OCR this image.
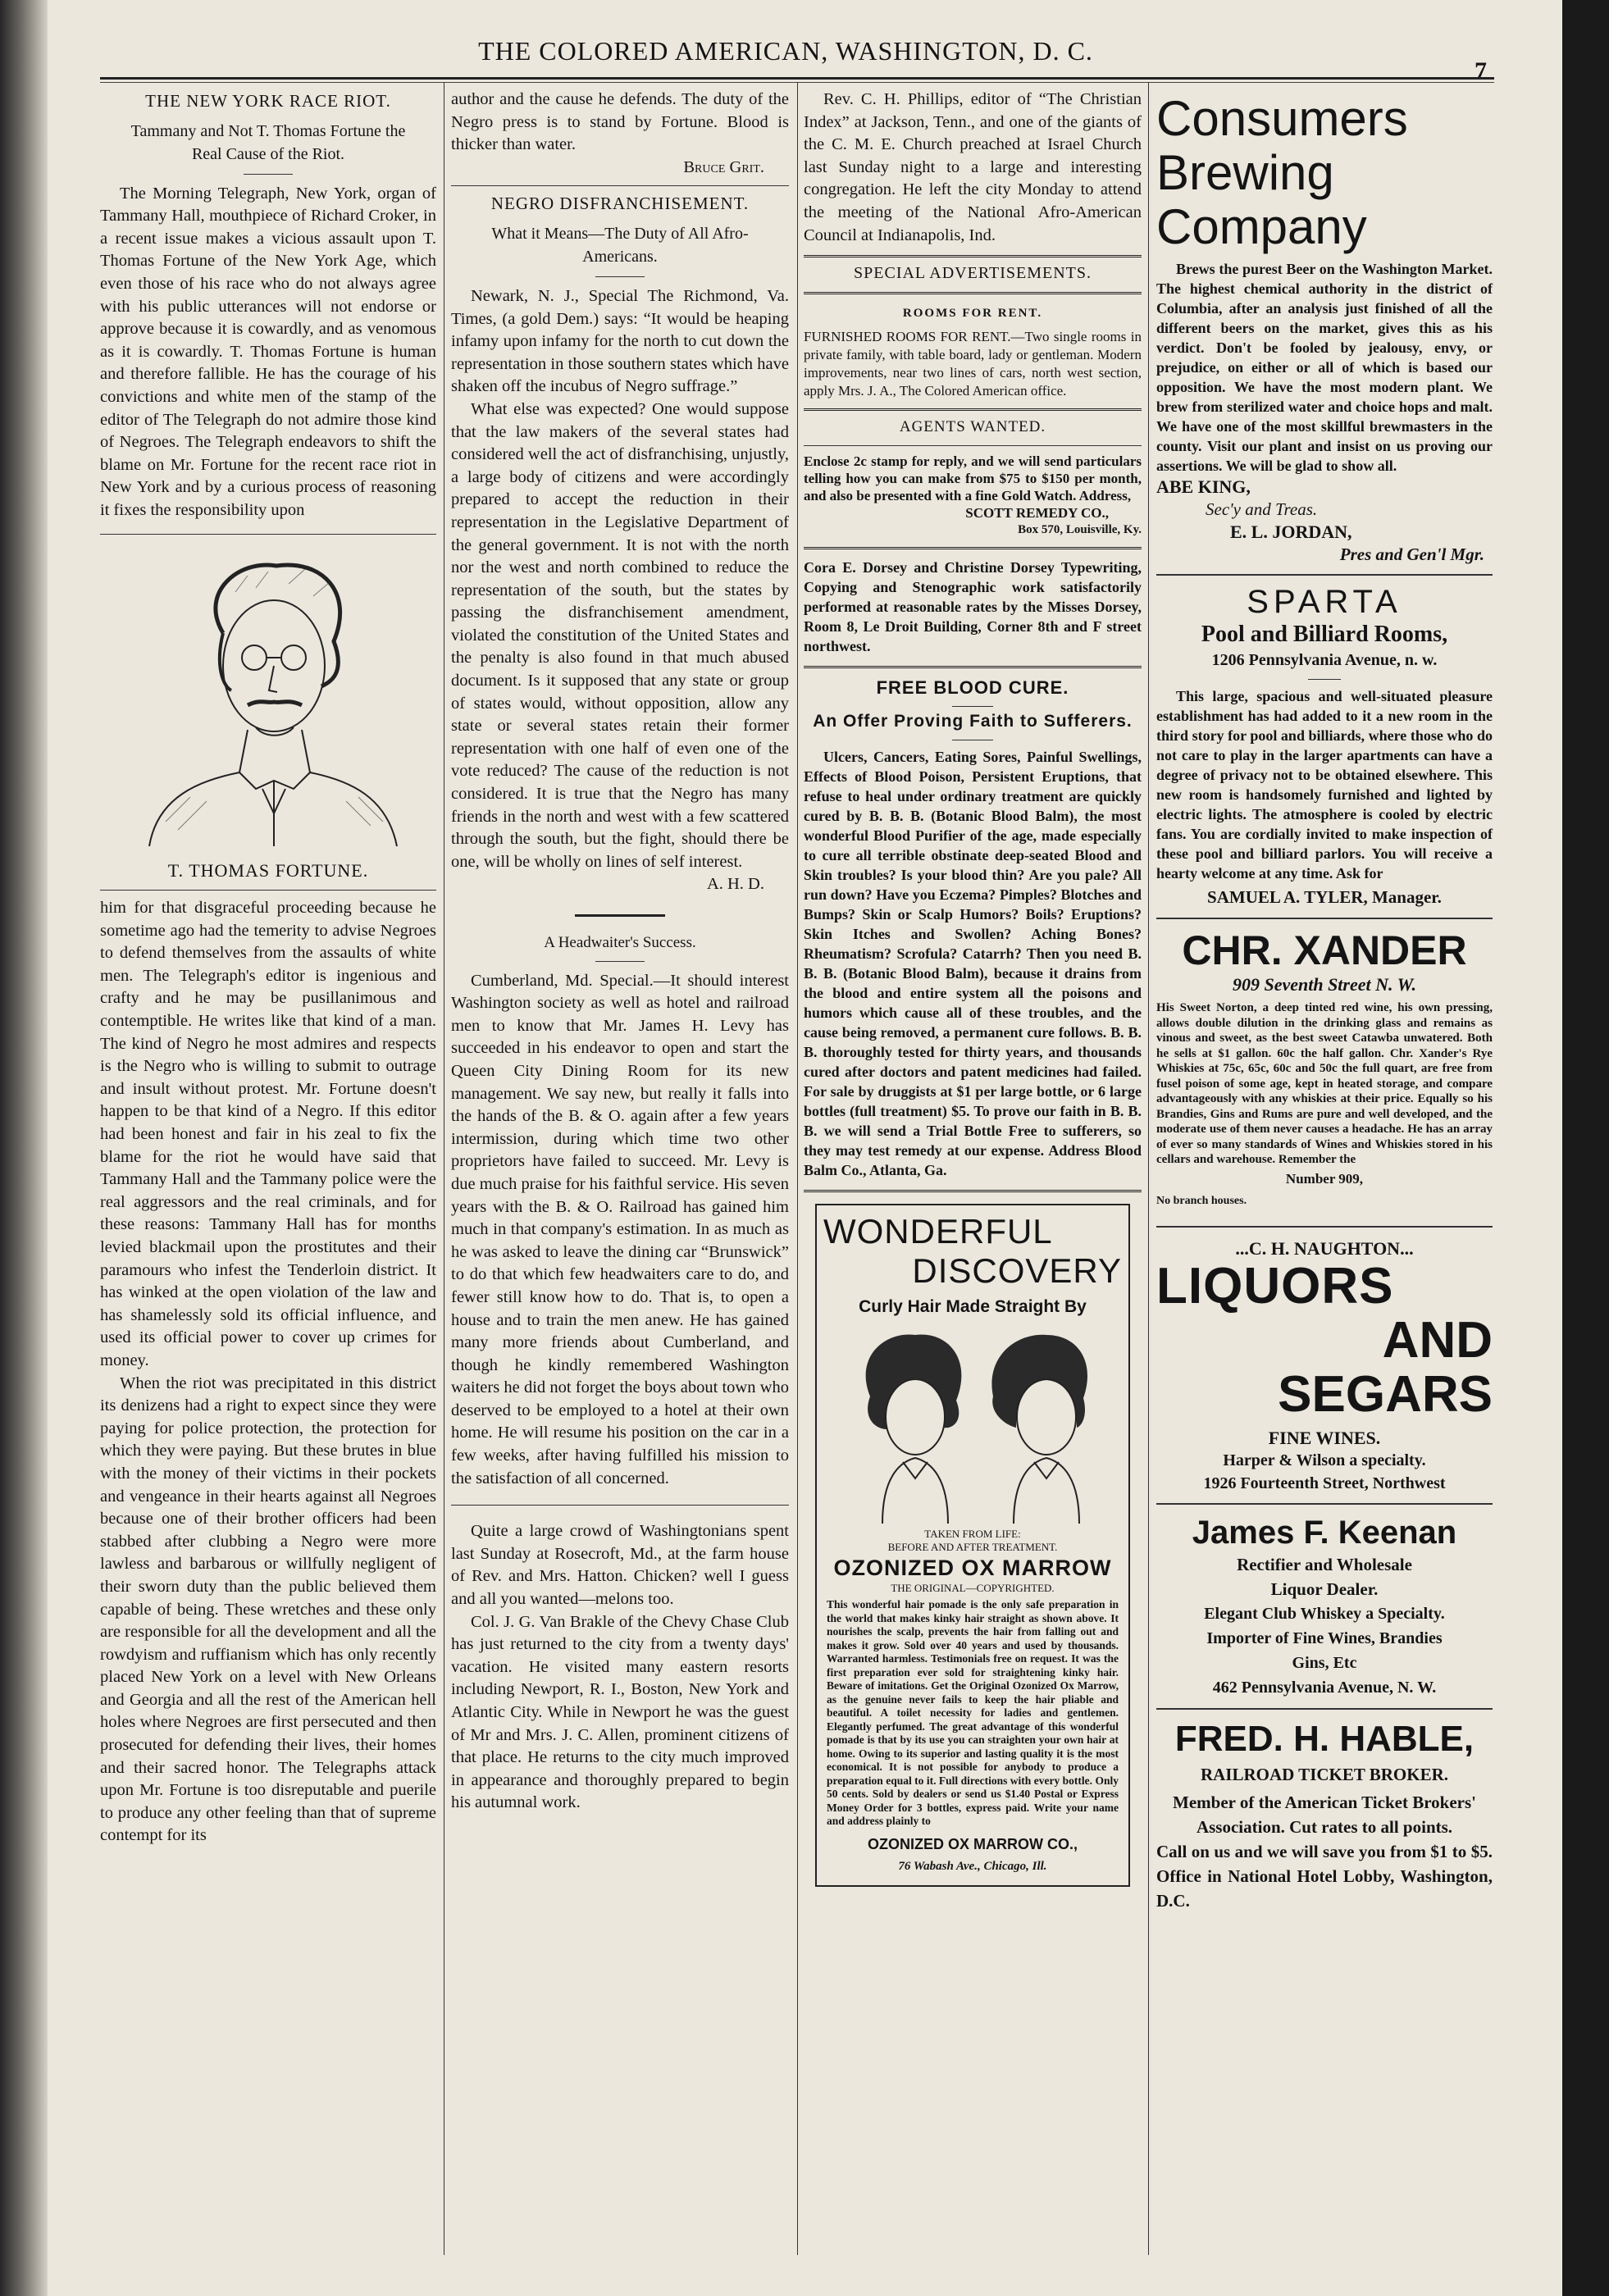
THE COLORED AMERICAN, WASHINGTON, D. C.
7
THE NEW YORK RACE RIOT.
Tammany and Not T. Thomas Fortune the Real Cause of the Riot.

The Morning Telegraph, New York, organ of Tammany Hall, mouthpiece of Richard Croker, in a recent issue makes a vicious assault upon T. Thomas Fortune of the New York Age, which even those of his race who do not always agree with his public utterances will not endorse or approve because it is cowardly, and as venomous as it is cowardly. T. Thomas Fortune is human and therefore fallible. He has the courage of his convictions and white men of the stamp of the editor of The Telegraph do not admire those kind of Negroes. The Telegraph endeavors to shift the blame on Mr. Fortune for the recent race riot in New York and by a curious process of reasoning it fixes the responsibility upon

T. THOMAS FORTUNE.

him for that disgraceful proceeding because he sometime ago had the temerity to advise Negroes to defend themselves from the assaults of white men. The Telegraph's editor is ingenious and crafty and he may be pusillanimous and contemptible. He writes like that kind of a man. The kind of Negro he most admires and respects is the Negro who is willing to submit to outrage and insult without protest. Mr. Fortune doesn't happen to be that kind of a Negro. If this editor had been honest and fair in his zeal to fix the blame for the riot he would have said that Tammany Hall and the Tammany police were the real aggressors and the real criminals, and for these reasons: Tammany Hall has for months levied blackmail upon the prostitutes and their paramours who infest the Tenderloin district. It has winked at the open violation of the law and has shamelessly sold its official influence, and used its official power to cover up crimes for money.

When the riot was precipitated in this district its denizens had a right to expect since they were paying for police protection, the protection for which they were paying. But these brutes in blue with the money of their victims in their pockets and vengeance in their hearts against all Negroes because one of their brother officers had been stabbed after clubbing a Negro were more lawless and barbarous or willfully negligent of their sworn duty than the public believed them capable of being. These wretches and these only are responsible for all the development and all the rowdyism and ruffianism which has only recently placed New York on a level with New Orleans and Georgia and all the rest of the American hell holes where Negroes are first persecuted and then prosecuted for defending their lives, their homes and their sacred honor. The Telegraphs attack upon Mr. Fortune is too disreputable and puerile to produce any other feeling than that of supreme contempt for its

author and the cause he defends. The duty of the Negro press is to stand by Fortune. Blood is thicker than water.

Bruce Grit.
NEGRO DISFRANCHISEMENT.
What it Means—The Duty of All Afro-Americans.

Newark, N. J., Special The Richmond, Va. Times, (a gold Dem.) says: “It would be heaping infamy upon infamy for the north to cut down the representation in those southern states which have shaken off the incubus of Negro suffrage.”

What else was expected? One would suppose that the law makers of the several states had considered well the act of disfranchising, unjustly, a large body of citizens and were accordingly prepared to accept the reduction in their representation in the Legislative Department of the general government. It is not with the north nor the west and north combined to reduce the representation of the south, but the states by passing the disfranchisement amendment, violated the constitution of the United States and the penalty is also found in that much abused document. Is it supposed that any state or group of states would, without opposition, allow any state or several states retain their former representation with one half of even one of the vote reduced? The cause of the reduction is not considered. It is true that the Negro has many friends in the north and west with a few scattered through the south, but the fight, should there be one, will be wholly on lines of self interest.

A. H. D.
A Headwaiter's Success.

Cumberland, Md. Special.—It should interest Washington society as well as hotel and railroad men to know that Mr. James H. Levy has succeeded in his endeavor to open and start the Queen City Dining Room for its new management. We say new, but really it falls into the hands of the B. & O. again after a few years intermission, during which time two other proprietors have failed to succeed. Mr. Levy is due much praise for his faithful service. His seven years with the B. & O. Railroad has gained him much in that company's estimation. In as much as he was asked to leave the dining car “Brunswick” to do that which few headwaiters care to do, and fewer still know how to do. That is, to open a house and to train the men anew. He has gained many more friends about Cumberland, and though he kindly remembered Washington waiters he did not forget the boys about town who deserved to be employed to a hotel at their own home. He will resume his position on the car in a few weeks, after having fulfilled his mission to the satisfaction of all concerned.

Quite a large crowd of Washingtonians spent last Sunday at Rosecroft, Md., at the farm house of Rev. and Mrs. Hatton. Chicken? well I guess and all you wanted—melons too.

Col. J. G. Van Brakle of the Chevy Chase Club has just returned to the city from a twenty days' vacation. He visited many eastern resorts including Newport, R. I., Boston, New York and Atlantic City. While in Newport he was the guest of Mr and Mrs. J. C. Allen, prominent citizens of that place. He returns to the city much improved in appearance and thoroughly prepared to begin his autumnal work.

Rev. C. H. Phillips, editor of “The Christian Index” at Jackson, Tenn., and one of the giants of the C. M. E. Church preached at Israel Church last Sunday night to a large and interesting congregation. He left the city Monday to attend the meeting of the National Afro-American Council at Indianapolis, Ind.

SPECIAL ADVERTISEMENTS.
ROOMS FOR RENT.

FURNISHED ROOMS FOR RENT.—Two single rooms in private family, with table board, lady or gentleman. Modern improvements, near two lines of cars, north west section, apply Mrs. J. A., The Colored American office.

AGENTS WANTED.

Enclose 2c stamp for reply, and we will send particulars telling how you can make from $75 to $150 per month, and also be presented with a fine Gold Watch. Address,

SCOTT REMEDY CO.,
Box 570, Louisville, Ky.

Cora E. Dorsey and Christine Dorsey Typewriting, Copying and Stenographic work satisfactorily performed at reasonable rates by the Misses Dorsey, Room 8, Le Droit Building, Corner 8th and F street northwest.

FREE BLOOD CURE.
An Offer Proving Faith to Sufferers.

Ulcers, Cancers, Eating Sores, Painful Swellings, Effects of Blood Poison, Persistent Eruptions, that refuse to heal under ordinary treatment are quickly cured by B. B. B. (Botanic Blood Balm), the most wonderful Blood Purifier of the age, made especially to cure all terrible obstinate deep-seated Blood and Skin troubles? Is your blood thin? Are you pale? All run down? Have you Eczema? Pimples? Blotches and Bumps? Skin or Scalp Humors? Boils? Eruptions? Skin Itches and Swollen? Aching Bones? Rheumatism? Scrofula? Catarrh? Then you need B. B. B. (Botanic Blood Balm), because it drains from the blood and entire system all the poisons and humors which cause all of these troubles, and the cause being removed, a permanent cure follows. B. B. B. thoroughly tested for thirty years, and thousands cured after doctors and patent medicines had failed. For sale by druggists at $1 per large bottle, or 6 large bottles (full treatment) $5. To prove our faith in B. B. B. we will send a Trial Bottle Free to sufferers, so they may test remedy at our expense. Address Blood Balm Co., Atlanta, Ga.

WONDERFUL
DISCOVERY
Curly Hair Made Straight By
TAKEN FROM LIFE:
BEFORE AND AFTER TREATMENT.
OZONIZED OX MARROW
THE ORIGINAL—COPYRIGHTED.

This wonderful hair pomade is the only safe preparation in the world that makes kinky hair straight as shown above. It nourishes the scalp, prevents the hair from falling out and makes it grow. Sold over 40 years and used by thousands. Warranted harmless. Testimonials free on request. It was the first preparation ever sold for straightening kinky hair. Beware of imitations. Get the Original Ozonized Ox Marrow, as the genuine never fails to keep the hair pliable and beautiful. A toilet necessity for ladies and gentlemen. Elegantly perfumed. The great advantage of this wonderful pomade is that by its use you can straighten your own hair at home. Owing to its superior and lasting quality it is the most economical. It is not possible for anybody to produce a preparation equal to it. Full directions with every bottle. Only 50 cents. Sold by dealers or send us $1.40 Postal or Express Money Order for 3 bottles, express paid. Write your name and address plainly to

OZONIZED OX MARROW CO.,
76 Wabash Ave., Chicago, Ill.
Consumers
Brewing
Company

Brews the purest Beer on the Washington Market. The highest chemical authority in the district of Columbia, after an analysis just finished of all the different beers on the market, gives this as his verdict. Don't be fooled by jealousy, envy, or prejudice, on either or all of which is based our opposition. We have the most modern plant. We brew from sterilized water and choice hops and malt. We have one of the most skillful brewmasters in the county. Visit our plant and insist on us proving our assertions. We will be glad to show all.

ABE KING,
Sec'y and Treas.
E. L. JORDAN,
Pres and Gen'l Mgr.
SPARTA
Pool and Billiard Rooms,
1206 Pennsylvania Avenue, n. w.

This large, spacious and well-situated pleasure establishment has had added to it a new room in the third story for pool and billiards, where those who do not care to play in the larger apartments can have a degree of privacy not to be obtained elsewhere. This new room is handsomely furnished and lighted by electric lights. The atmosphere is cooled by electric fans. You are cordially invited to make inspection of these pool and billiard parlors. You will receive a hearty welcome at any time. Ask for

SAMUEL A. TYLER, Manager.
CHR. XANDER
909 Seventh Street N. W.

His Sweet Norton, a deep tinted red wine, his own pressing, allows double dilution in the drinking glass and remains as vinous and sweet, as the best sweet Catawba unwatered. Both he sells at $1 gallon. 60c the half gallon. Chr. Xander's Rye Whiskies at 75c, 65c, 60c and 50c the full quart, are free from fusel poison of some age, kept in heated storage, and compare advantageously with any whiskies at their price. Equally so his Brandies, Gins and Rums are pure and well developed, and the moderate use of them never causes a headache. He has an array of ever so many standards of Wines and Whiskies stored in his cellars and warehouse. Remember the

Number 909,
No branch houses.
...C. H. NAUGHTON...
LIQUORS
AND SEGARS
FINE WINES.
Harper & Wilson a specialty.
1926 Fourteenth Street, Northwest
James F. Keenan
Rectifier and Wholesale
Liquor Dealer.
Elegant Club Whiskey a Specialty.
Importer of Fine Wines, Brandies
Gins, Etc
462 Pennsylvania Avenue, N. W.
FRED. H. HABLE,
RAILROAD TICKET BROKER.
Member of the American Ticket Brokers' Association. Cut rates to all points.
Call on us and we will save you from $1 to $5. Office in National Hotel Lobby, Washington, D.C.
